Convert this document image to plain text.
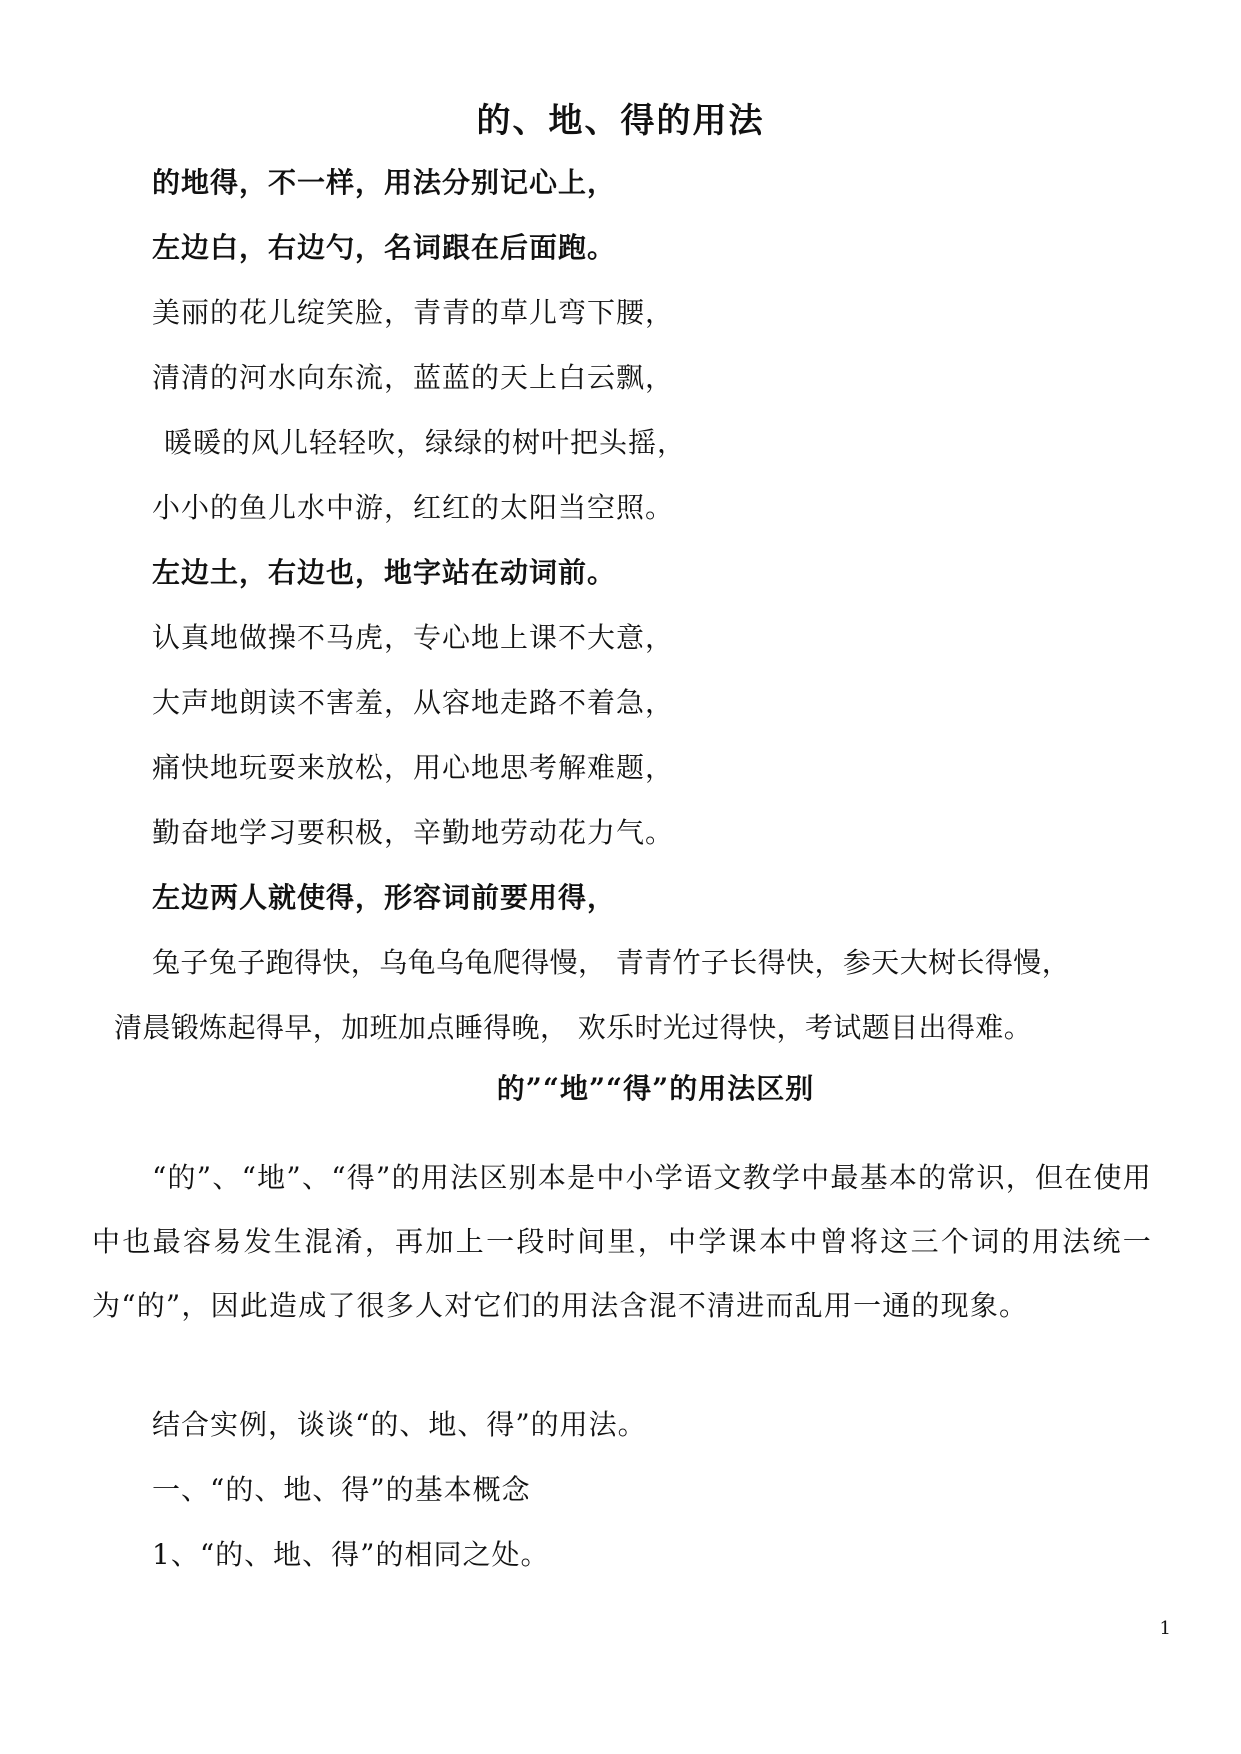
的、地、得的用法
的地得，不一样，用法分别记心上，
左边白，右边勺，名词跟在后面跑。
美丽的花儿绽笑脸，青青的草儿弯下腰，
清清的河水向东流，蓝蓝的天上白云飘，
暖暖的风儿轻轻吹，绿绿的树叶把头摇，
小小的鱼儿水中游，红红的太阳当空照。
左边土，右边也，地字站在动词前。
认真地做操不马虎，专心地上课不大意，
大声地朗读不害羞，从容地走路不着急，
痛快地玩耍来放松，用心地思考解难题，
勤奋地学习要积极，辛勤地劳动花力气。
左边两人就使得，形容词前要用得，
兔子兔子跑得快，乌龟乌龟爬得慢， 青青竹子长得快，参天大树长得慢，
清晨锻炼起得早，加班加点睡得晚， 欢乐时光过得快，考试题目出得难。
的”“地”“得”的用法区别
“的”、“地”、“得”的用法区别本是中小学语文教学中最基本的常识，但在使用中也最容易发生混淆，再加上一段时间里，中学课本中曾将这三个词的用法统一为“的”，因此造成了很多人对它们的用法含混不清进而乱用一通的现象。
结合实例，谈谈“的、地、得”的用法。
一、“的、地、得”的基本概念
1、“的、地、得”的相同之处。
1
